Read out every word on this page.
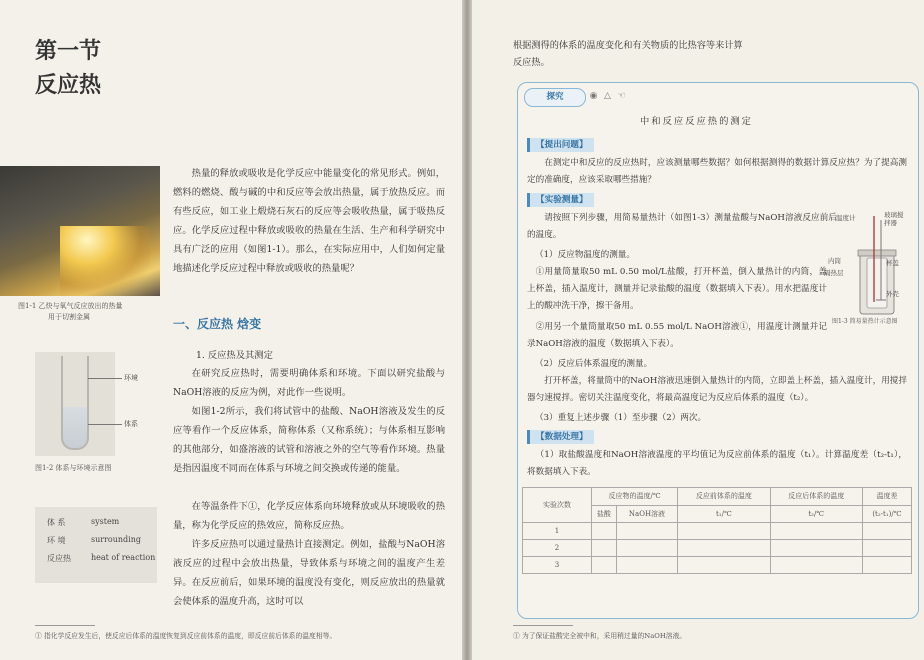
第一节
反应热
图1-1 乙炔与氧气反应放出的热量
用于切割金属
热量的释放或吸收是化学反应中能量变化的常见形式。例如，燃料的燃烧、酸与碱的中和反应等会放出热量，属于放热反应。而有些反应，如工业上煅烧石灰石的反应等会吸收热量，属于吸热反应。化学反应过程中释放或吸收的热量在生活、生产和科学研究中具有广泛的应用（如图1-1）。那么，在实际应用中，人们如何定量地描述化学反应过程中释放或吸收的热量呢？
一、反应热 焓变
1. 反应热及其测定
在研究反应热时，需要明确体系和环境。下面以研究盐酸与NaOH溶液的反应为例，对此作一些说明。
如图1-2所示，我们将试管中的盐酸、NaOH溶液及发生的反应等看作一个反应体系，简称体系（又称系统）；与体系相互影响的其他部分，如盛溶液的试管和溶液之外的空气等看作环境。热量是指因温度不同而在体系与环境之间交换或传递的能量。
在等温条件下①，化学反应体系向环境释放或从环境吸收的热量，称为化学反应的热效应，简称反应热。
许多反应热可以通过量热计直接测定。例如，盐酸与NaOH溶液反应的过程中会放出热量，导致体系与环境之间的温度产生差异。在反应前后，如果环境的温度没有变化，则反应放出的热量就会使体系的温度升高，这时可以
环境
体系
图1-2 体系与环境示意图
体 系	system
环 境	surrounding
反应热	heat of reaction
① 指化学反应发生后，使反应后体系的温度恢复到反应前体系的温度，即反应前后体系的温度相等。
根据测得的体系的温度变化和有关物质的比热容等来计算
反应热。
探究	◉ △ ☜
中和反应反应热的测定
【提出问题】
在测定中和反应的反应热时，应该测量哪些数据？如何根据测得的数据计算反应热？为了提高测定的准确度，应该采取哪些措施？
【实验测量】
请按照下列步骤，用简易量热计（如图1-3）测量盐酸与NaOH溶液反应前后的温度。
（1）反应物温度的测量。
①用量筒量取50 mL 0.50 mol/L盐酸，打开杯盖，倒入量热计的内筒，盖上杯盖，插入温度计，测量并记录盐酸的温度（数据填入下表）。用水把温度计上的酸冲洗干净，擦干备用。
②用另一个量筒量取50 mL 0.55 mol/L NaOH溶液①，用温度计测量并记录NaOH溶液的温度（数据填入下表）。
（2）反应后体系温度的测量。
打开杯盖，将量筒中的NaOH溶液迅速倒入量热计的内筒，立即盖上杯盖，插入温度计，用搅拌器匀速搅拌。密切关注温度变化，将最高温度记为反应后体系的温度（t₂）。
（3）重复上述步骤（1）至步骤（2）两次。
【数据处理】
（1）取盐酸温度和NaOH溶液温度的平均值记为反应前体系的温度（t₁）。计算温度差（t₂-t₁），将数据填入下表。
温度计	玻璃搅拌器
杯盖
内筒
隔热层
外壳
图1-3 简易量热计示意图
实验次数	反应物的温度/℃		反应前体系的温度	反应后体系的温度	温度差
	盐酸	NaOH溶液	t₁/℃	t₂/℃	(t₂-t₁)/℃
1					
2					
3					
① 为了保证盐酸完全被中和，采用稍过量的NaOH溶液。
